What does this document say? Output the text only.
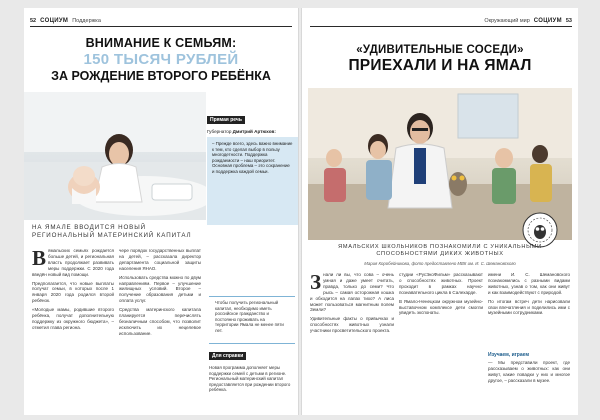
52 СОЦИУМ Поддержка
ВНИМАНИЕ К СЕМЬЯМ:
150 ТЫСЯЧ РУБЛЕЙ
ЗА РОЖДЕНИЕ ВТОРОГО РЕБЁНКА
Прямая речь
Губернатор Дмитрий Артюхов:
– Прежде всего, здесь важно внимание к тем, кто сделал выбор в пользу многодетности. Поддержка рождаемости – наш приоритет. Основная проблема – это сохранение и поддержка каждой семьи.
НА ЯМАЛЕ ВВОДИТСЯ НОВЫЙ РЕГИОНАЛЬНЫЙ МАТЕРИНСКИЙ КАПИТАЛ
В ямальских семьях рождается больше детей, и региональная власть продолжает развивать меры поддержки. С 2020 года введён новый вид помощи.

Предполагается, что новые выплаты получат семьи, в которых после 1 января 2020 года родился второй ребёнок.

«Молодые мамы, родившие второго ребёнка, получат дополнительную поддержку из окружного бюджета», – отметил глава региона.

чере порядок государственных выплат на детей, – рассказала директор департамента социальной защиты населения ЯНАО.

Использовать средства можно по двум направлениям. Первое – улучшение жилищных условий. Второе – получение образования детьми и оплата услуг.

Средства материнского капитала планируется перечислять безналичным способом, что позволит исключить их нецелевое использование.

Чтобы получить региональный капитал, необходимо иметь российское гражданство и постоянно проживать на территории Ямала не менее пяти лет.
Для справки
Новая программа дополняет меры поддержки семей с детьми в регионе. Региональный материнский капитал предоставляется при рождении второго ребёнка.
Окружающий мир СОЦИУМ 53
«УДИВИТЕЛЬНЫЕ СОСЕДИ»
ПРИЕХАЛИ И НА ЯМАЛ
ЯМАЛЬСКИХ ШКОЛЬНИКОВ ПОЗНАКОМИЛИ С УНИКАЛЬНЫМИ СПОСОБНОСТЯМИ ДИКИХ ЖИВОТНЫХ
Мария Коробейникова, фото предоставлено МВК им. И. С. Шемановского
З нали ли вы, что сова – очень умная и даже умеет считать, правда, только до семи? Что рысь – самая осторожная кошка и обходится на лапах тихо? А лиса может пользоваться магнитным полем Земли?

Удивительные факты о привычках и способностях животных узнали участники просветительского проекта.

студии «РусЭкоФильм» рассказывают о способностях животных. Проект проходит в рамках научно-познавательного цикла в Салехарде.

В Ямало-Ненецком окружном музейно-выставочном комплексе дети смогли увидеть экспонаты.

имени И. С. Шемановского познакомились с разными видами животных, узнав о том, как они живут и как взаимодействуют с природой.

По итогам встреч дети нарисовали свои впечатления и поделились ими с музейными сотрудниками.

Изучаем, играем

— Мы представили проект, где рассказываем о животных: как они живут, какие повадки у них и многое другое, – рассказали в музее.
